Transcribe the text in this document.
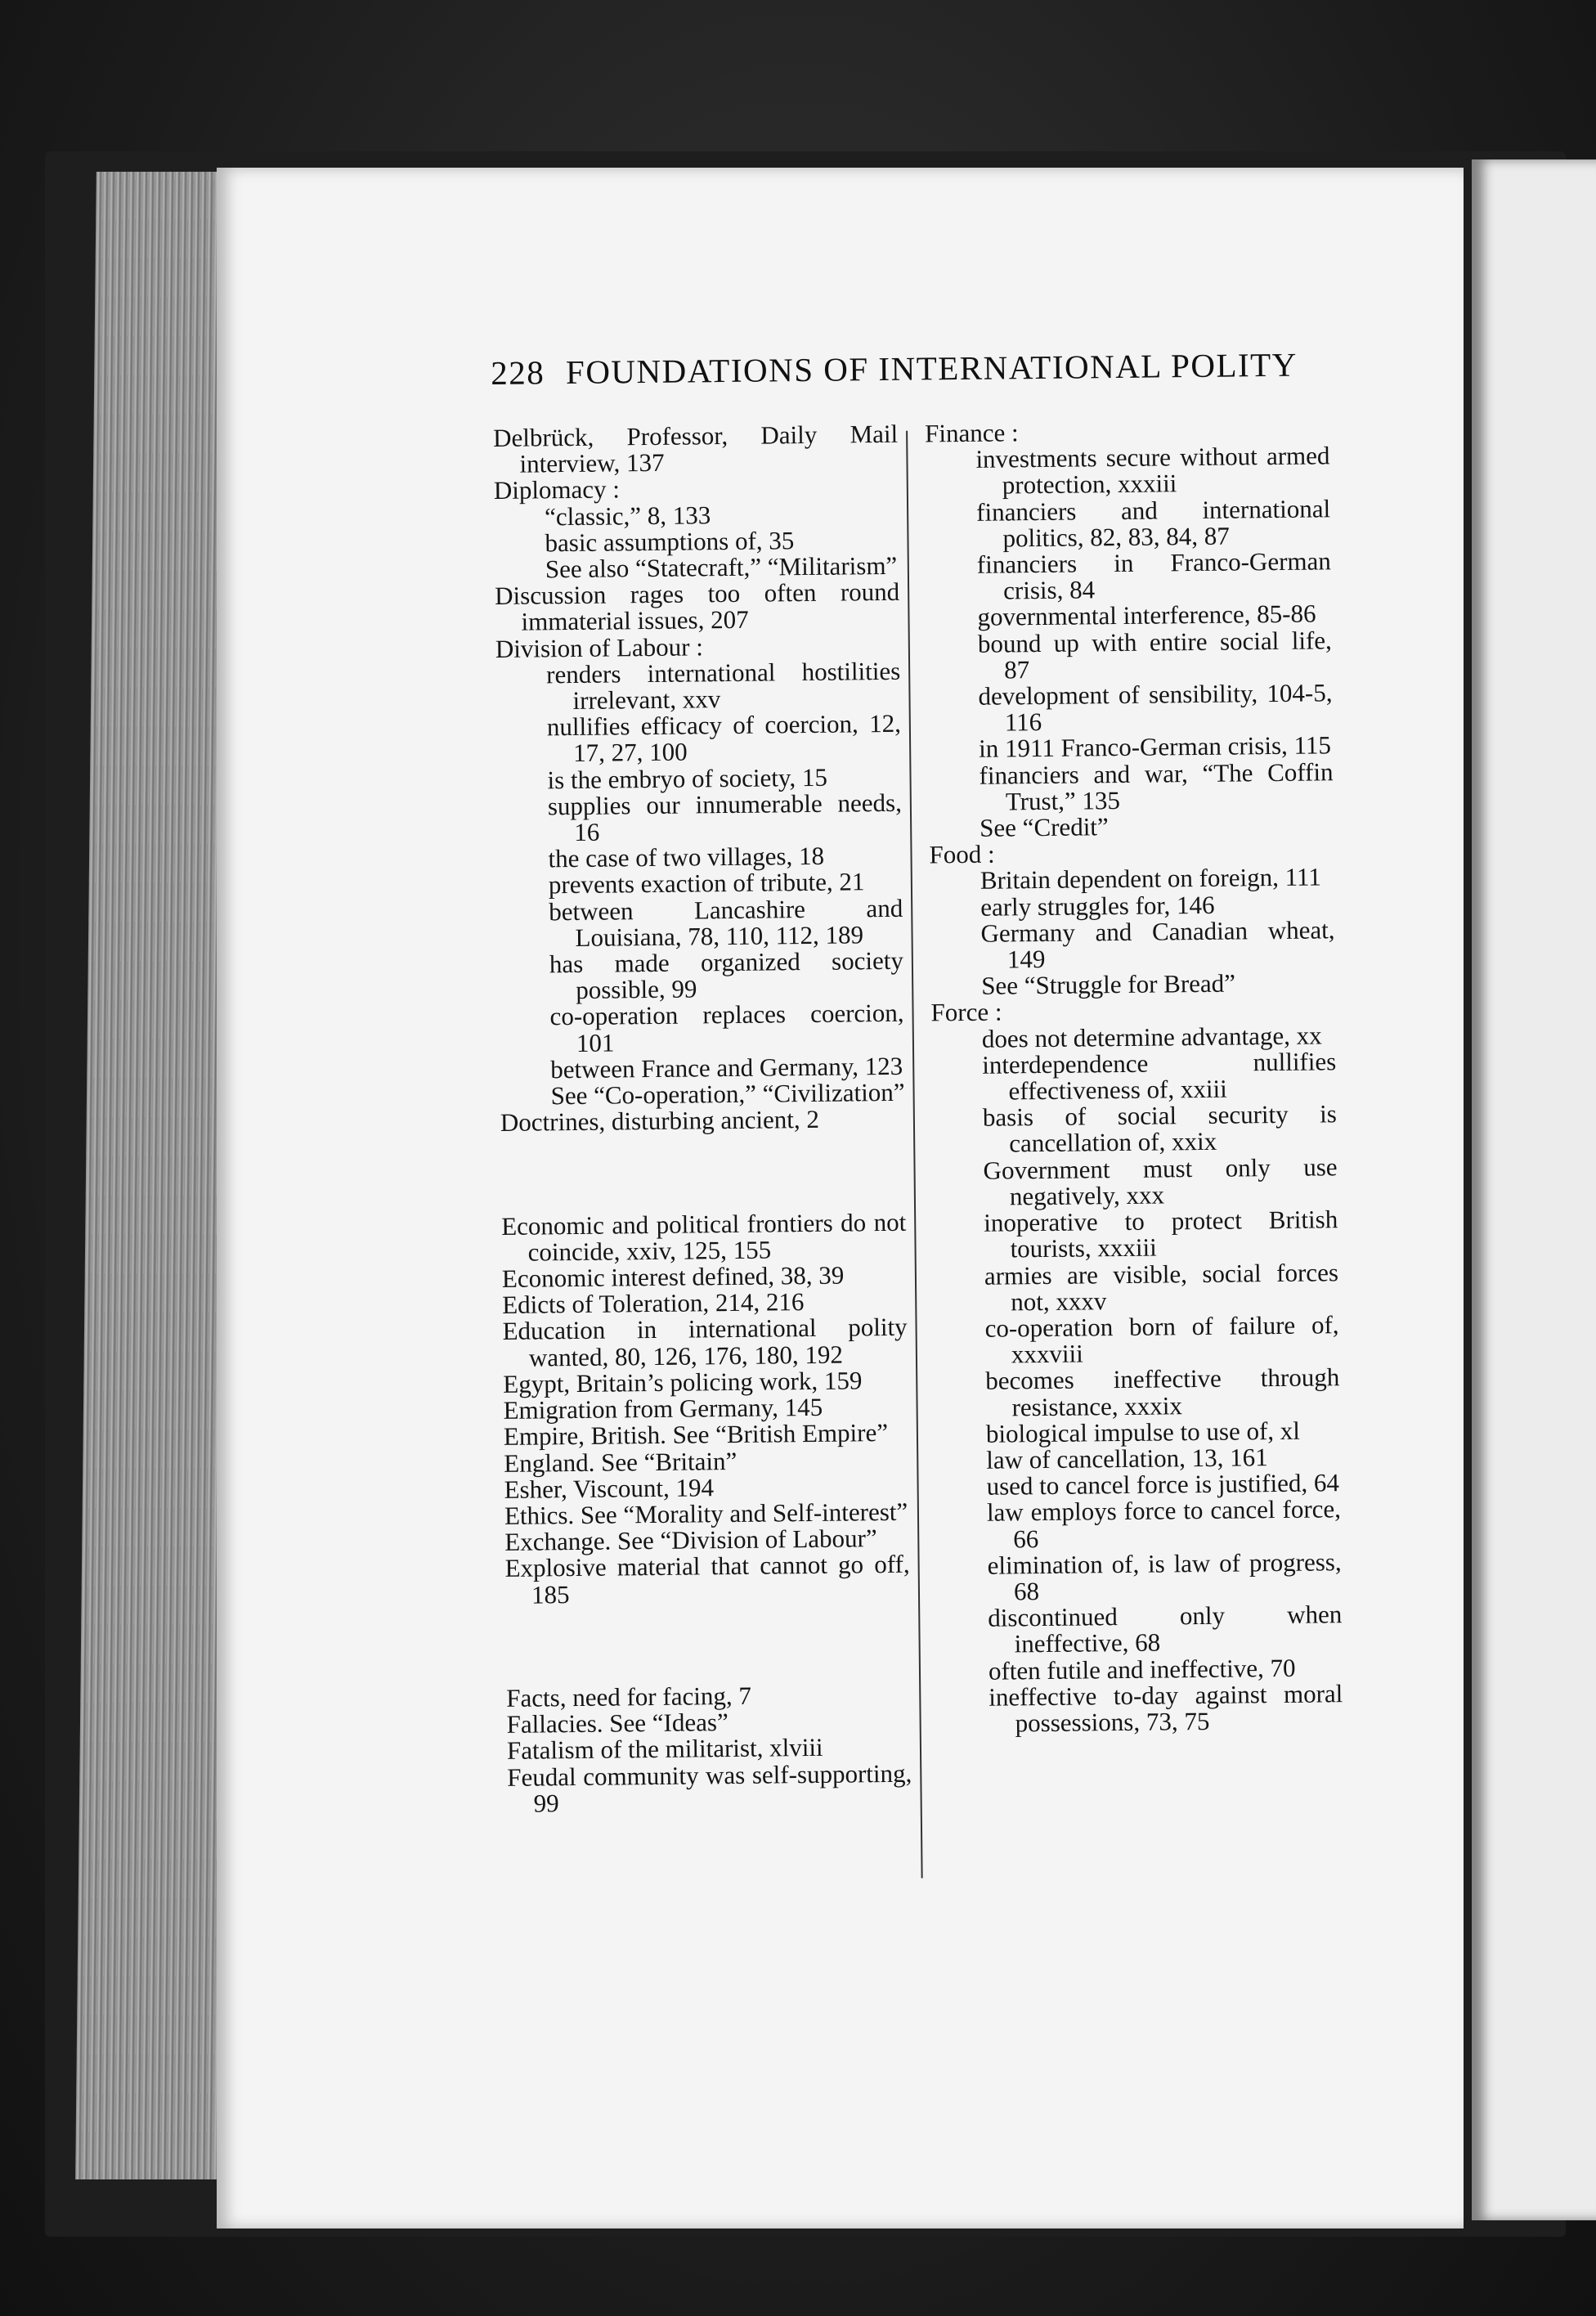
228 FOUNDATIONS OF INTERNATIONAL POLITY

Delbrück, Professor, Daily Mail interview, 137

Diplomacy :

“classic,” 8, 133

basic assumptions of, 35

See also “Statecraft,” “Militarism”

Discussion rages too often round immaterial issues, 207

Division of Labour :

renders international hostilities irrelevant, xxv

nullifies efficacy of coercion, 12, 17, 27, 100

is the embryo of society, 15

supplies our innumerable needs, 16

the case of two villages, 18

prevents exaction of tribute, 21

between Lancashire and Louisiana, 78, 110, 112, 189

has made organized society possible, 99

co-operation replaces coercion, 101

between France and Germany, 123

See “Co-operation,” “Civilization”

Doctrines, disturbing ancient, 2

Economic and political frontiers do not coincide, xxiv, 125, 155

Economic interest defined, 38, 39

Edicts of Toleration, 214, 216

Education in international polity wanted, 80, 126, 176, 180, 192

Egypt, Britain’s policing work, 159

Emigration from Germany, 145

Empire, British. See “British Empire”

England. See “Britain”

Esher, Viscount, 194

Ethics. See “Morality and Self-interest”

Exchange. See “Division of Labour”

Explosive material that cannot go off, 185

Facts, need for facing, 7

Fallacies. See “Ideas”

Fatalism of the militarist, xlviii

Feudal community was self-supporting, 99

Finance :

investments secure without armed protection, xxxiii

financiers and international politics, 82, 83, 84, 87

financiers in Franco-German crisis, 84

governmental interference, 85-86

bound up with entire social life, 87

development of sensibility, 104-5, 116

in 1911 Franco-German crisis, 115

financiers and war, “The Coffin Trust,” 135

See “Credit”

Food :

Britain dependent on foreign, 111

early struggles for, 146

Germany and Canadian wheat, 149

See “Struggle for Bread”

Force :

does not determine advantage, xx

interdependence nullifies effectiveness of, xxiii

basis of social security is cancellation of, xxix

Government must only use negatively, xxx

inoperative to protect British tourists, xxxiii

armies are visible, social forces not, xxxv

co-operation born of failure of, xxxviii

becomes ineffective through resistance, xxxix

biological impulse to use of, xl

law of cancellation, 13, 161

used to cancel force is justified, 64

law employs force to cancel force, 66

elimination of, is law of progress, 68

discontinued only when ineffective, 68

often futile and ineffective, 70

ineffective to-day against moral possessions, 73, 75
